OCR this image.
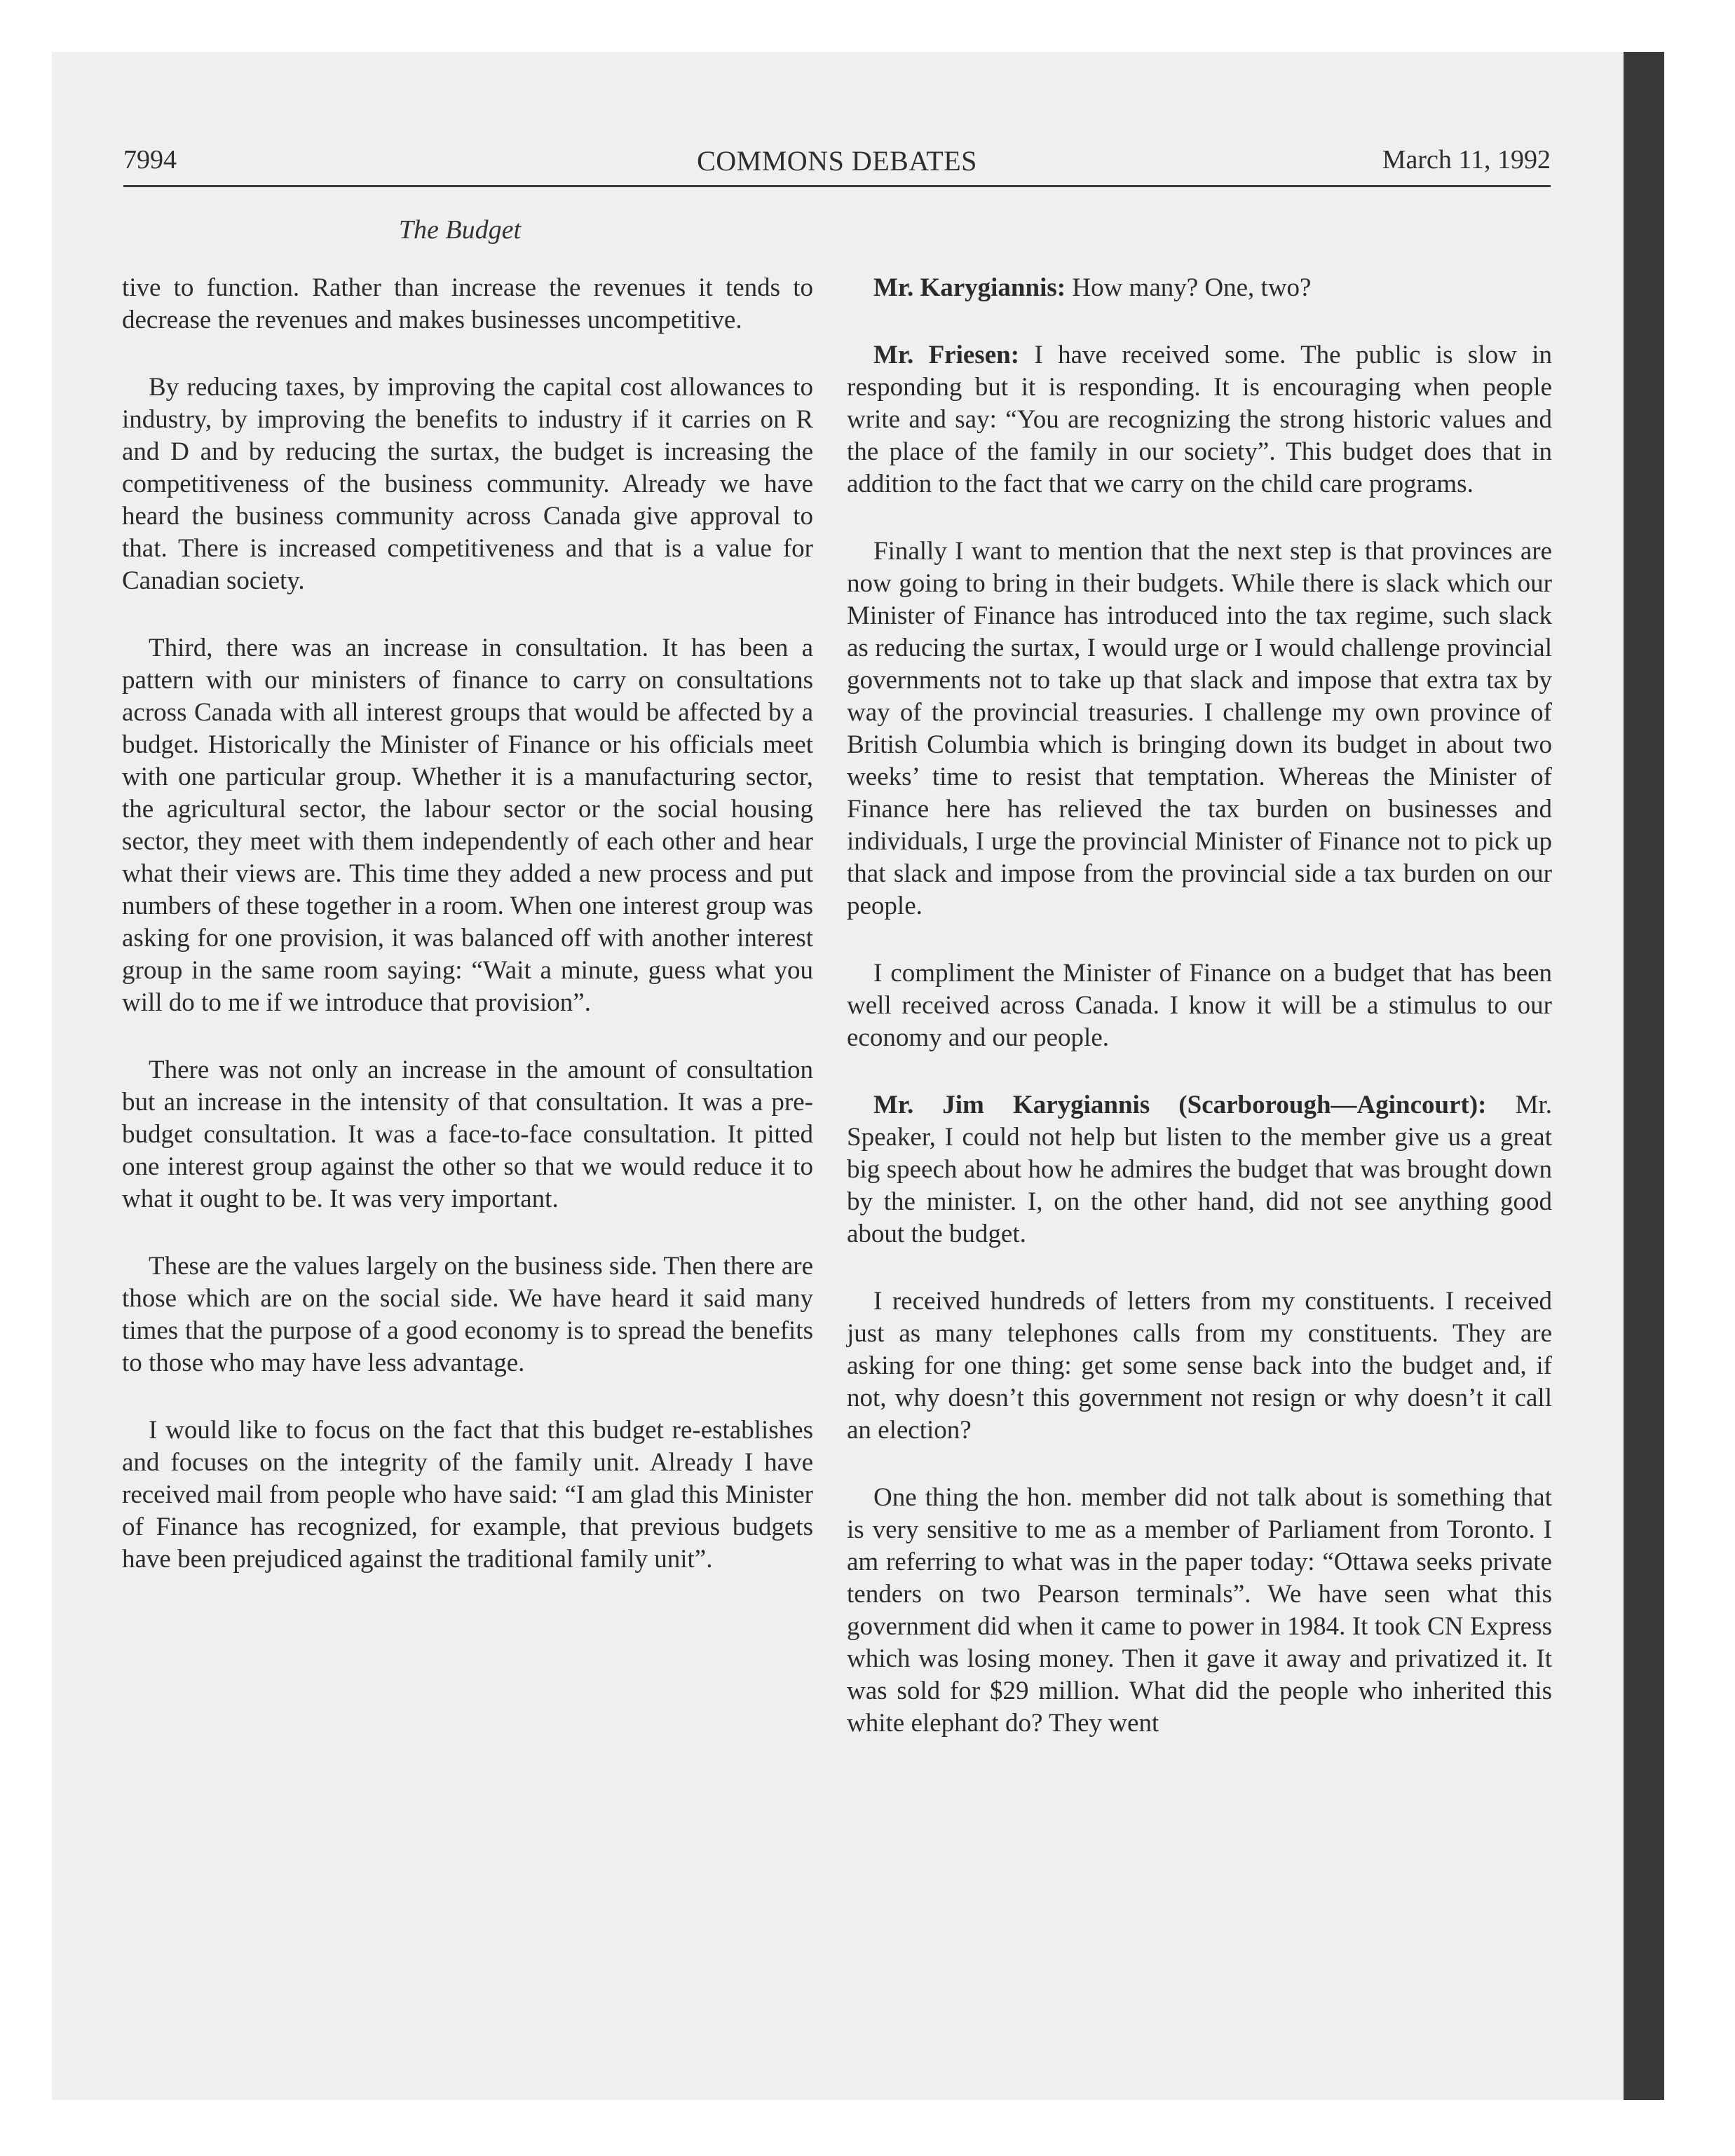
7994	COMMONS DEBATES	March 11, 1992
The Budget

tive to function. Rather than increase the revenues it tends to decrease the revenues and makes businesses uncompetitive.

By reducing taxes, by improving the capital cost allowances to industry, by improving the benefits to industry if it carries on R and D and by reducing the surtax, the budget is increasing the competitiveness of the business community. Already we have heard the business community across Canada give approval to that. There is increased competitiveness and that is a value for Canadian society.

Third, there was an increase in consultation. It has been a pattern with our ministers of finance to carry on consultations across Canada with all interest groups that would be affected by a budget. Historically the Minister of Finance or his officials meet with one particular group. Whether it is a manufacturing sector, the agricultural sector, the labour sector or the social housing sector, they meet with them independently of each other and hear what their views are. This time they added a new process and put numbers of these together in a room. When one interest group was asking for one provision, it was balanced off with another interest group in the same room saying: “Wait a minute, guess what you will do to me if we introduce that provision”.

There was not only an increase in the amount of consultation but an increase in the intensity of that consultation. It was a pre-budget consultation. It was a face-to-face consultation. It pitted one interest group against the other so that we would reduce it to what it ought to be. It was very important.

These are the values largely on the business side. Then there are those which are on the social side. We have heard it said many times that the purpose of a good economy is to spread the benefits to those who may have less advantage.

I would like to focus on the fact that this budget re-establishes and focuses on the integrity of the family unit. Already I have received mail from people who have said: “I am glad this Minister of Finance has recognized, for example, that previous budgets have been prejudiced against the traditional family unit”.

Mr. Karygiannis: How many? One, two?

Mr. Friesen: I have received some. The public is slow in responding but it is responding. It is encouraging when people write and say: “You are recognizing the strong historic values and the place of the family in our society”. This budget does that in addition to the fact that we carry on the child care programs.

Finally I want to mention that the next step is that provinces are now going to bring in their budgets. While there is slack which our Minister of Finance has introduced into the tax regime, such slack as reducing the surtax, I would urge or I would challenge provincial governments not to take up that slack and impose that extra tax by way of the provincial treasuries. I challenge my own province of British Columbia which is bringing down its budget in about two weeks’ time to resist that temptation. Whereas the Minister of Finance here has relieved the tax burden on businesses and individuals, I urge the provincial Minister of Finance not to pick up that slack and impose from the provincial side a tax burden on our people.

I compliment the Minister of Finance on a budget that has been well received across Canada. I know it will be a stimulus to our economy and our people.

Mr. Jim Karygiannis (Scarborough—Agincourt): Mr. Speaker, I could not help but listen to the member give us a great big speech about how he admires the budget that was brought down by the minister. I, on the other hand, did not see anything good about the budget.

I received hundreds of letters from my constituents. I received just as many telephones calls from my constituents. They are asking for one thing: get some sense back into the budget and, if not, why doesn’t this government not resign or why doesn’t it call an election?

One thing the hon. member did not talk about is something that is very sensitive to me as a member of Parliament from Toronto. I am referring to what was in the paper today: “Ottawa seeks private tenders on two Pearson terminals”. We have seen what this government did when it came to power in 1984. It took CN Express which was losing money. Then it gave it away and privatized it. It was sold for $29 million. What did the people who inherited this white elephant do? They went
